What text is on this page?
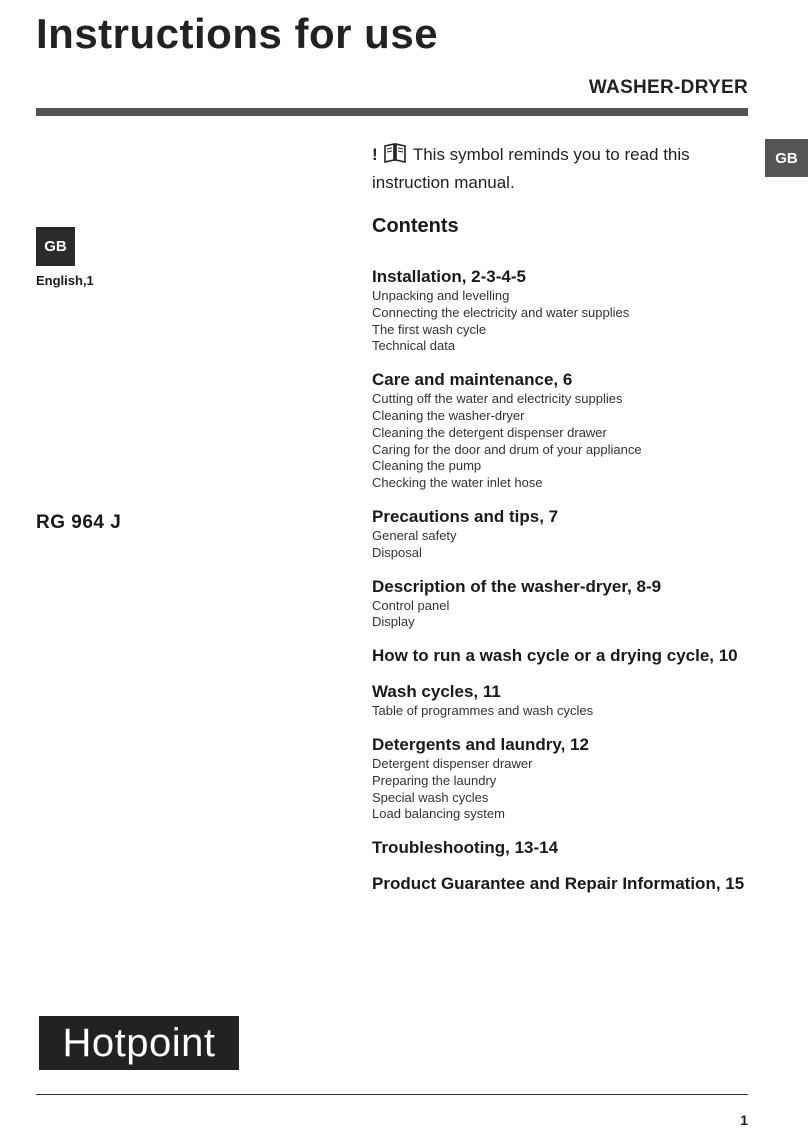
Instructions for use
WASHER-DRYER
GB
GB
English,1
RG 964 J
! This symbol reminds you to read this instruction manual.
Contents
Installation, 2-3-4-5
Unpacking and levelling
Connecting the electricity and water supplies
The first wash cycle
Technical data
Care and maintenance, 6
Cutting off the water and electricity supplies
Cleaning the washer-dryer
Cleaning the detergent dispenser drawer
Caring for the door and drum of your appliance
Cleaning the pump
Checking the water inlet hose
Precautions and tips, 7
General safety
Disposal
Description of the washer-dryer, 8-9
Control panel
Display
How to run a wash cycle or a drying cycle, 10
Wash cycles, 11
Table of programmes and wash cycles
Detergents and laundry, 12
Detergent dispenser drawer
Preparing the laundry
Special wash cycles
Load balancing system
Troubleshooting, 13-14
Product Guarantee and Repair Information, 15
Hotpoint
1
